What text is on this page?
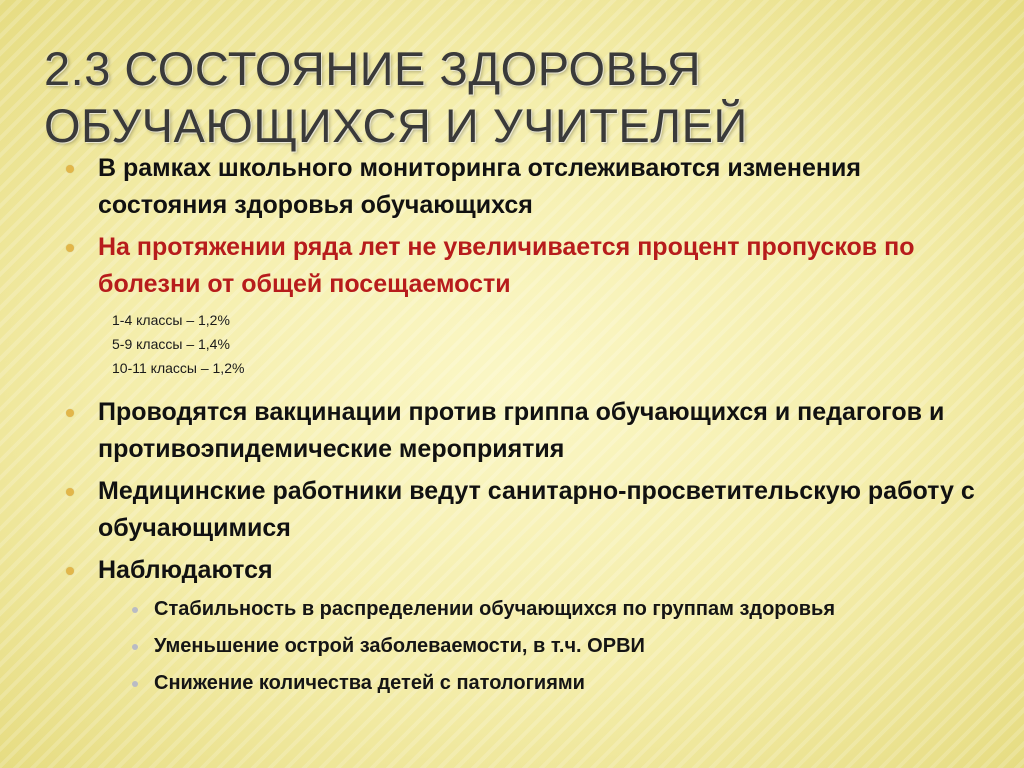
2.3 СОСТОЯНИЕ ЗДОРОВЬЯ ОБУЧАЮЩИХСЯ И УЧИТЕЛЕЙ
В рамках школьного мониторинга отслеживаются изменения состояния здоровья обучающихся
На протяжении ряда лет не увеличивается процент пропусков по болезни от общей посещаемости
1-4 классы – 1,2%
5-9 классы – 1,4%
10-11 классы – 1,2%
Проводятся вакцинации против гриппа обучающихся и педагогов и противоэпидемические мероприятия
Медицинские работники ведут санитарно-просветительскую работу с обучающимися
Наблюдаются
Стабильность в распределении обучающихся по группам здоровья
Уменьшение острой заболеваемости, в т.ч. ОРВИ
Снижение количества детей с патологиями
